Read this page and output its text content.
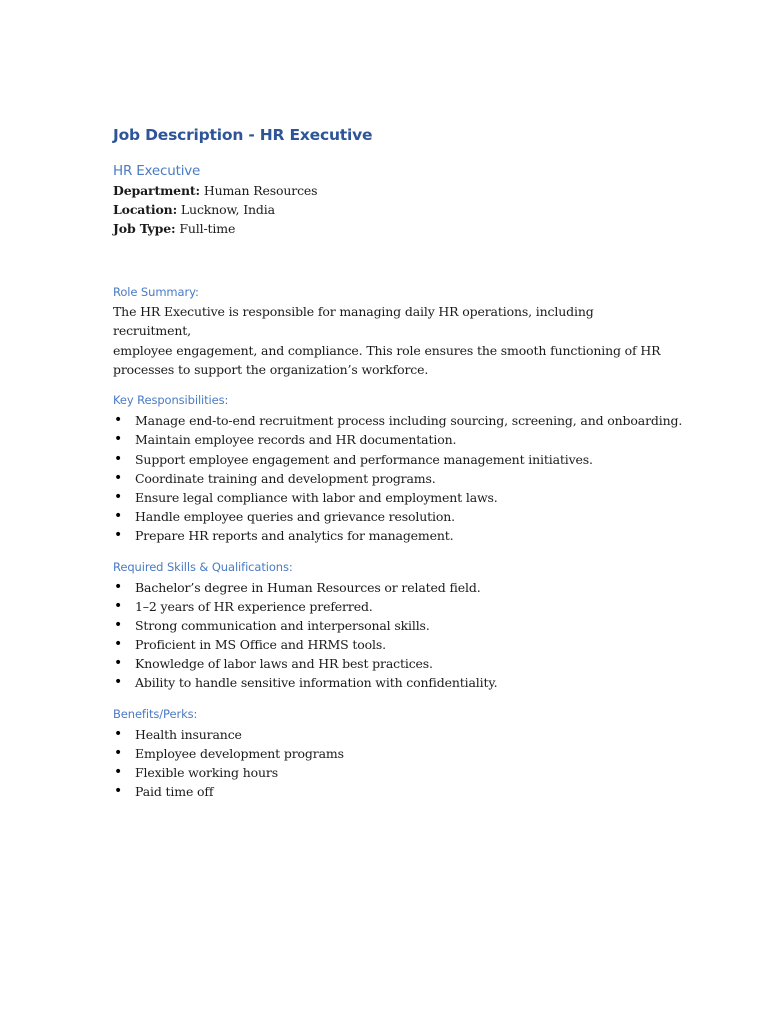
Job Description - HR Executive
HR Executive
Department: Human Resources
Location: Lucknow, India
Job Type: Full-time
Role Summary:
The HR Executive is responsible for managing daily HR operations, including recruitment,
employee engagement, and compliance. This role ensures the smooth functioning of HR
processes to support the organization’s workforce.
Key Responsibilities:
•	Manage end-to-end recruitment process including sourcing, screening, and onboarding.
•	Maintain employee records and HR documentation.
•	Support employee engagement and performance management initiatives.
•	Coordinate training and development programs.
•	Ensure legal compliance with labor and employment laws.
•	Handle employee queries and grievance resolution.
•	Prepare HR reports and analytics for management.
Required Skills & Qualifications:
•	Bachelor’s degree in Human Resources or related field.
•	1–2 years of HR experience preferred.
•	Strong communication and interpersonal skills.
•	Proficient in MS Office and HRMS tools.
•	Knowledge of labor laws and HR best practices.
•	Ability to handle sensitive information with confidentiality.
Benefits/Perks:
•	Health insurance
•	Employee development programs
•	Flexible working hours
•	Paid time off
